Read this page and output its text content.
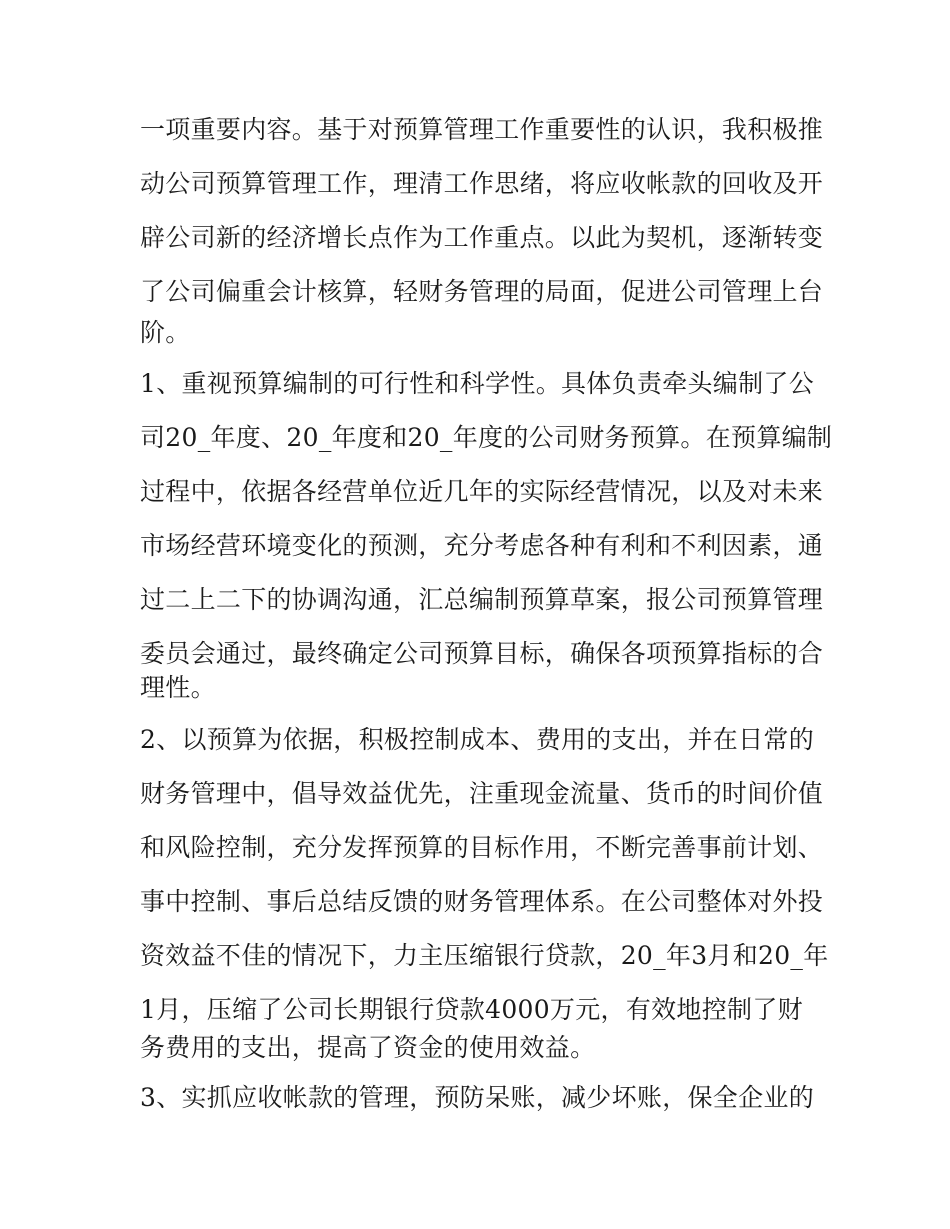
一项重要内容。基于对预算管理工作重要性的认识，我积极推
动公司预算管理工作，理清工作思绪，将应收帐款的回收及开
辟公司新的经济增长点作为工作重点。以此为契机，逐渐转变
了公司偏重会计核算，轻财务管理的局面，促进公司管理上台
阶。
1、重视预算编制的可行性和科学性。具体负责牵头编制了公
司20_年度、20_年度和20_年度的公司财务预算。在预算编制
过程中，依据各经营单位近几年的实际经营情况，以及对未来
市场经营环境变化的预测，充分考虑各种有利和不利因素，通
过二上二下的协调沟通，汇总编制预算草案，报公司预算管理
委员会通过，最终确定公司预算目标，确保各项预算指标的合
理性。
2、以预算为依据，积极控制成本、费用的支出，并在日常的
财务管理中，倡导效益优先，注重现金流量、货币的时间价值
和风险控制，充分发挥预算的目标作用，不断完善事前计划、
事中控制、事后总结反馈的财务管理体系。在公司整体对外投
资效益不佳的情况下，力主压缩银行贷款，20_年3月和20_年
1月，压缩了公司长期银行贷款4000万元，有效地控制了财
务费用的支出，提高了资金的使用效益。
3、实抓应收帐款的管理，预防呆账，减少坏账，保全企业的
